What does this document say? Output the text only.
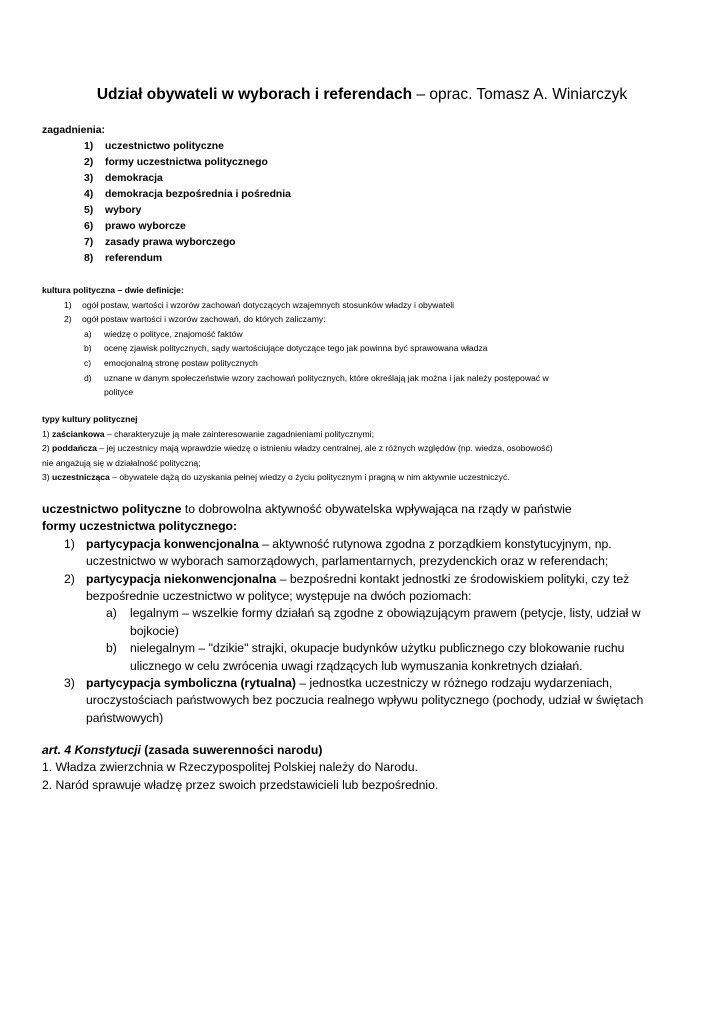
Udział obywateli w wyborach i referendach – oprac. Tomasz A. Winiarczyk
zagadnienia:
1) uczestnictwo polityczne
2) formy uczestnictwa politycznego
3) demokracja
4) demokracja bezpośrednia i pośrednia
5) wybory
6) prawo wyborcze
7) zasady prawa wyborczego
8) referendum
kultura polityczna – dwie definicje:
1) ogół postaw, wartości i wzorów zachowań dotyczących wzajemnych stosunków władzy i obywateli
2) ogół postaw wartości i wzorów zachowań, do których zaliczamy:
a) wiedzę o polityce, znajomość faktów
b) ocenę zjawisk politycznych, sądy wartościujące dotyczące tego jak powinna być sprawowana władza
c) emocjonalną stronę postaw politycznych
d) uznane w danym społeczeństwie wzory zachowań politycznych, które określają jak można i jak należy postępować w
polityce
typy kultury politycznej
1) zaściankowa – charakteryzuje ją małe zainteresowanie zagadnieniami politycznymi;
2) poddańcza – jej uczestnicy mają wprawdzie wiedzę o istnieniu władzy centralnej, ale z różnych względów (np. wiedza, osobowość)
nie angażują się w działalność polityczną;
3) uczestnicząca – obywatele dążą do uzyskania pełnej wiedzy o życiu politycznym i pragną w nim aktywnie uczestniczyć.
uczestnictwo polityczne to dobrowolna aktywność obywatelska wpływająca na rządy w państwie
formy uczestnictwa politycznego:
1) partycypacja konwencjonalna – aktywność rutynowa zgodna z porządkiem konstytucyjnym, np.
uczestnictwo w wyborach samorządowych, parlamentarnych, prezydenckich oraz w referendach;
2) partycypacja niekonwencjonalna – bezpośredni kontakt jednostki ze środowiskiem polityki, czy też
bezpośrednie uczestnictwo w polityce; występuje na dwóch poziomach:
a) legalnym – wszelkie formy działań są zgodne z obowiązującym prawem (petycje, listy, udział w
bojkocie)
b) nielegalnym – "dzikie" strajki, okupacje budynków użytku publicznego czy blokowanie ruchu
ulicznego w celu zwrócenia uwagi rządzących lub wymuszania konkretnych działań.
3) partycypacja symboliczna (rytualna) – jednostka uczestniczy w różnego rodzaju wydarzeniach,
uroczystościach państwowych bez poczucia realnego wpływu politycznego (pochody, udział w świętach
państwowych)
art. 4 Konstytucji (zasada suwerenności narodu)
1. Władza zwierzchnia w Rzeczypospolitej Polskiej należy do Narodu.
2. Naród sprawuje władzę przez swoich przedstawicieli lub bezpośrednio.
